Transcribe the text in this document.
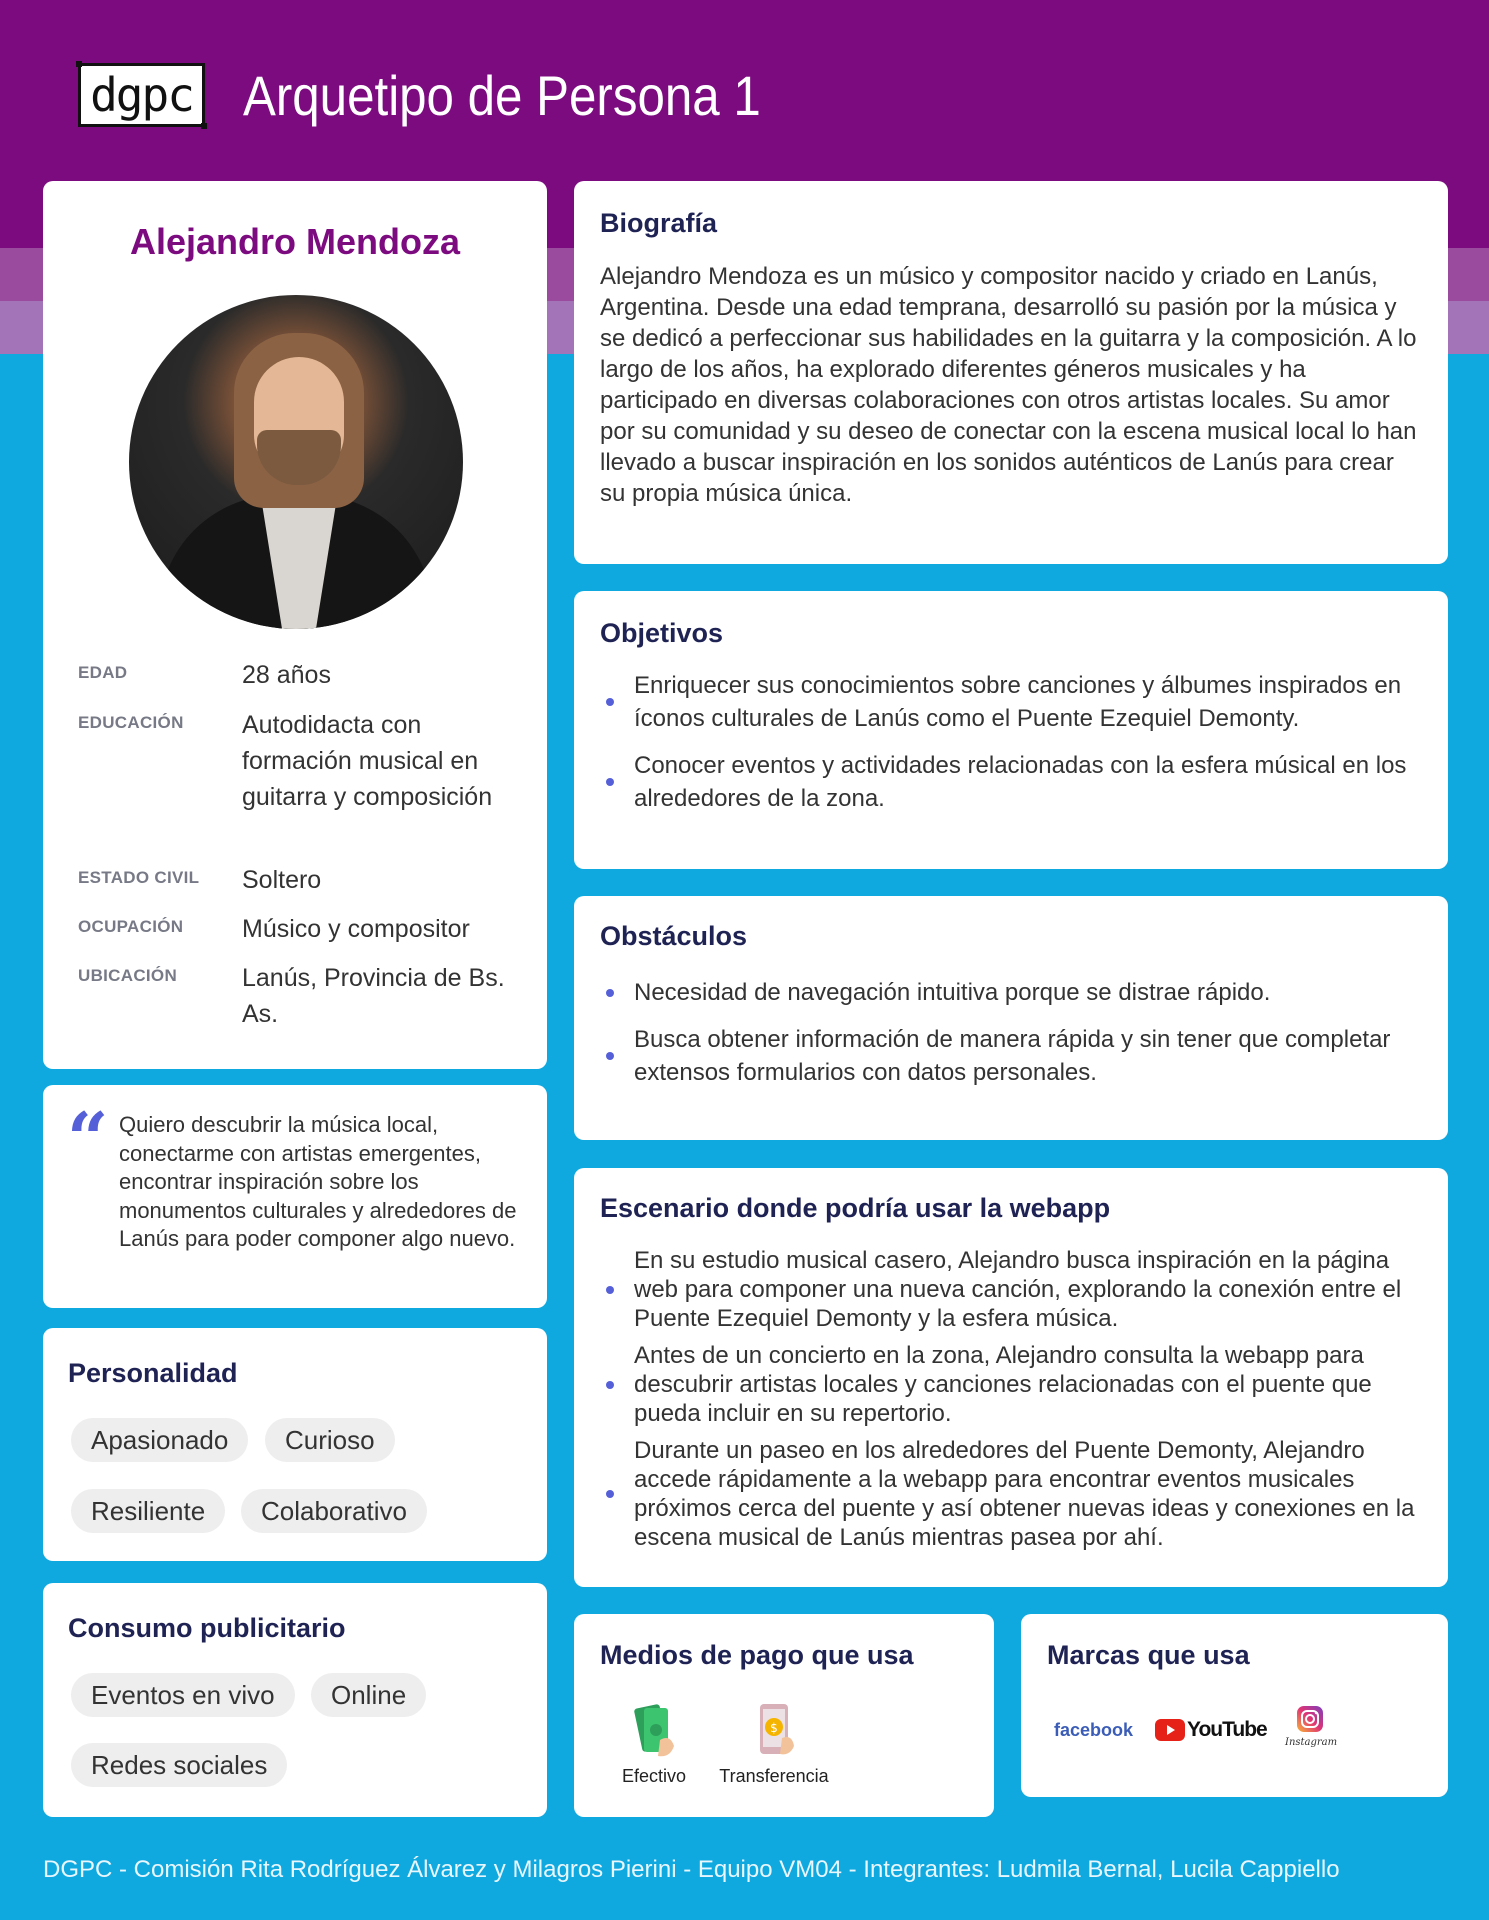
dgpc Arquetipo de Persona 1
Alejandro Mendoza
EDAD	28 años
EDUCACIÓN	Autodidacta con formación musical en guitarra y composición
ESTADO CIVIL	Soltero
OCUPACIÓN	Músico y compositor
UBICACIÓN	Lanús, Provincia de Bs. As.
“ Quiero descubrir la música local, conectarme con artistas emergentes, encontrar inspiración sobre los monumentos culturales y alrededores de Lanús para poder componer algo nuevo.
Personalidad
Apasionado	Curioso
Resiliente	Colaborativo
Consumo publicitario
Eventos en vivo	Online
Redes sociales
Biografía
Alejandro Mendoza es un músico y compositor nacido y criado en Lanús, Argentina. Desde una edad temprana, desarrolló su pasión por la música y se dedicó a perfeccionar sus habilidades en la guitarra y la composición. A lo largo de los años, ha explorado diferentes géneros musicales y ha participado en diversas colaboraciones con otros artistas locales. Su amor por su comunidad y su deseo de conectar con la escena musical local lo han llevado a buscar inspiración en los sonidos auténticos de Lanús para crear su propia música única.
Objetivos
Enriquecer sus conocimientos sobre canciones y álbumes inspirados en íconos culturales de Lanús como el Puente Ezequiel Demonty.
Conocer eventos y actividades relacionadas con la esfera músical en los alrededores de la zona.
Obstáculos
Necesidad de navegación intuitiva porque se distrae rápido.
Busca obtener información de manera rápida y sin tener que completar extensos formularios con datos personales.
Escenario donde podría usar la webapp
En su estudio musical casero, Alejandro busca inspiración en la página web para componer una nueva canción, explorando la conexión entre el Puente Ezequiel Demonty y la esfera música.
Antes de un concierto en la zona, Alejandro consulta la webapp para descubrir artistas locales y canciones relacionadas con el puente que pueda incluir en su repertorio.
Durante un paseo en los alrededores del Puente Demonty, Alejandro accede rápidamente a la webapp para encontrar eventos musicales próximos cerca del puente y así obtener nuevas ideas y conexiones en la escena musical de Lanús mientras pasea por ahí.
Medios de pago que usa
Efectivo
$
Transferencia
Marcas que usa
facebook	YouTube
Instagram
DGPC - Comisión Rita Rodríguez Álvarez y Milagros Pierini - Equipo VM04 - Integrantes: Ludmila Bernal, Lucila Cappiello
